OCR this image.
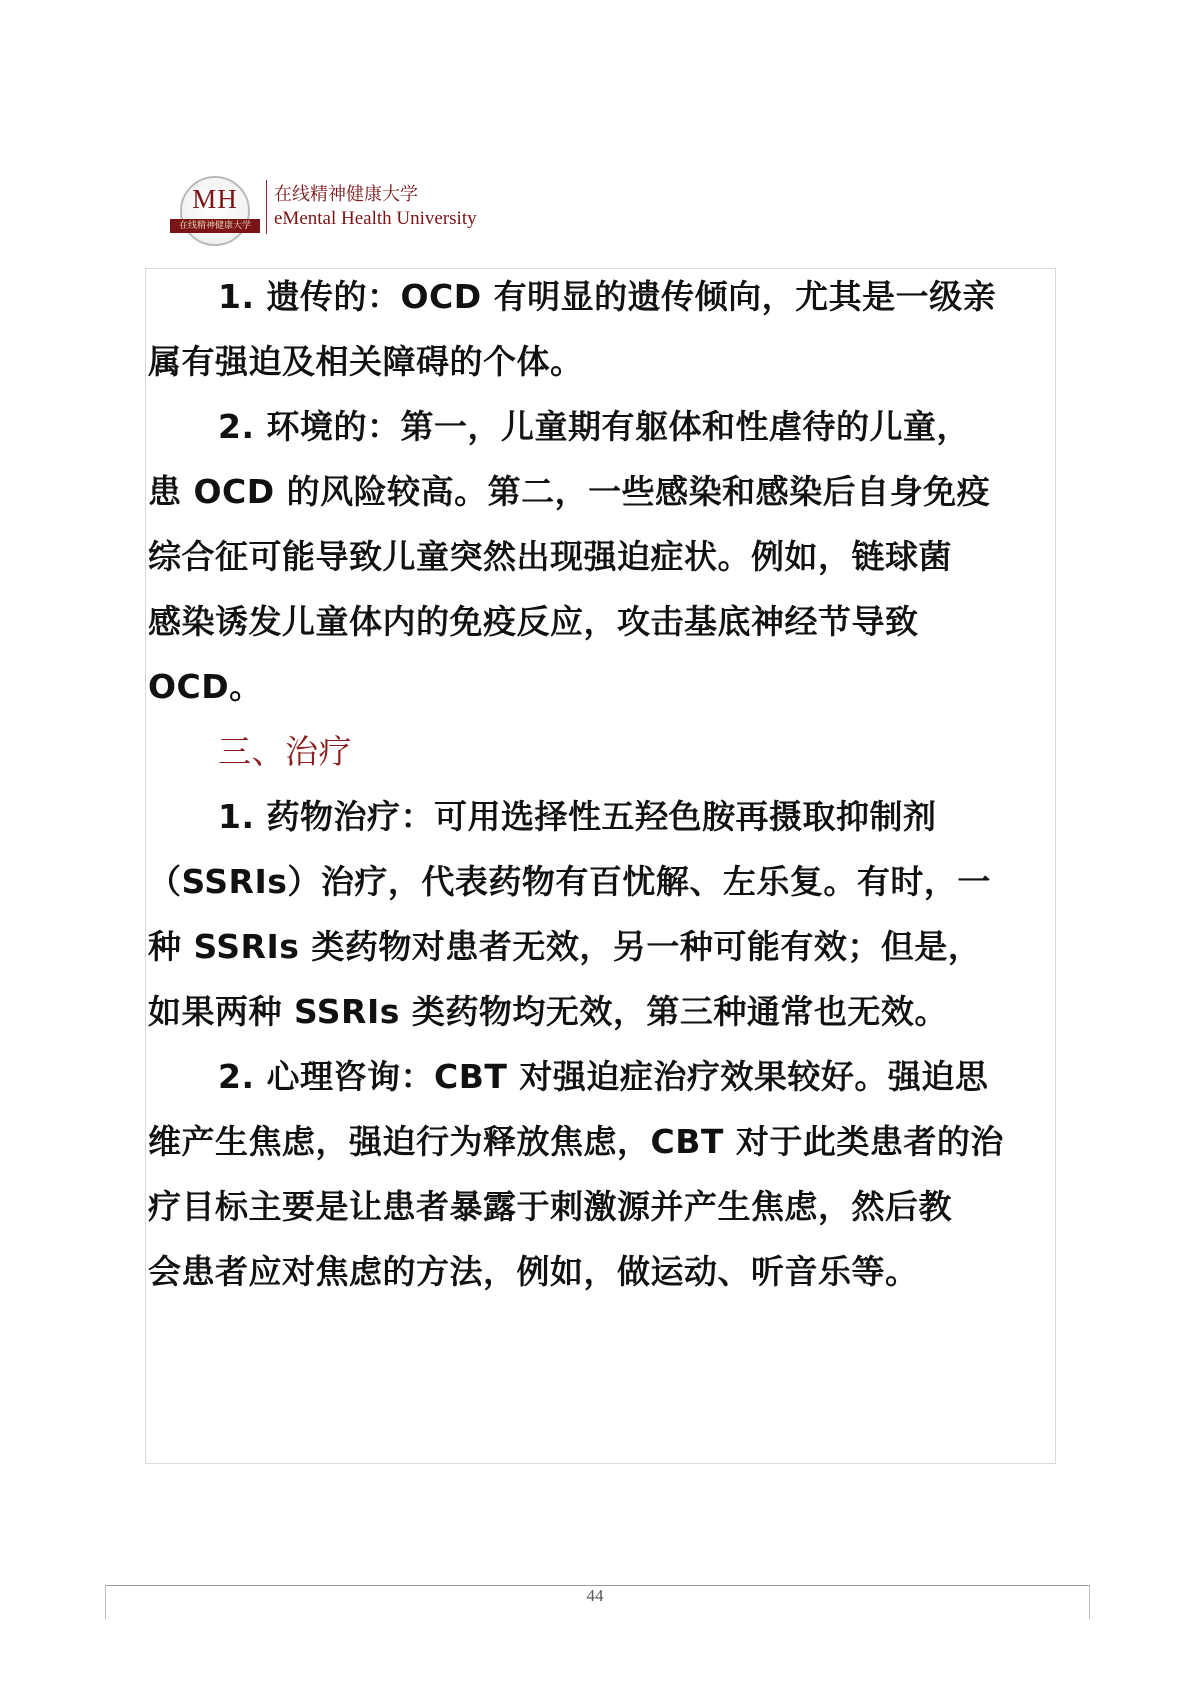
MH
在线精神健康大学
在线精神健康大学
eMental Health University
1. 遗传的：OCD 有明显的遗传倾向，尤其是一级亲
属有强迫及相关障碍的个体。
2. 环境的：第一，儿童期有躯体和性虐待的儿童，
患 OCD 的风险较高。第二，一些感染和感染后自身免疫
综合征可能导致儿童突然出现强迫症状。例如，链球菌
感染诱发儿童体内的免疫反应，攻击基底神经节导致
OCD。
三、治疗
1. 药物治疗：可用选择性五羟色胺再摄取抑制剂
（SSRIs）治疗，代表药物有百忧解、左乐复。有时，一
种 SSRIs 类药物对患者无效，另一种可能有效；但是，
如果两种 SSRIs 类药物均无效，第三种通常也无效。
2. 心理咨询：CBT 对强迫症治疗效果较好。强迫思
维产生焦虑，强迫行为释放焦虑，CBT 对于此类患者的治
疗目标主要是让患者暴露于刺激源并产生焦虑，然后教
会患者应对焦虑的方法，例如，做运动、听音乐等。
44
